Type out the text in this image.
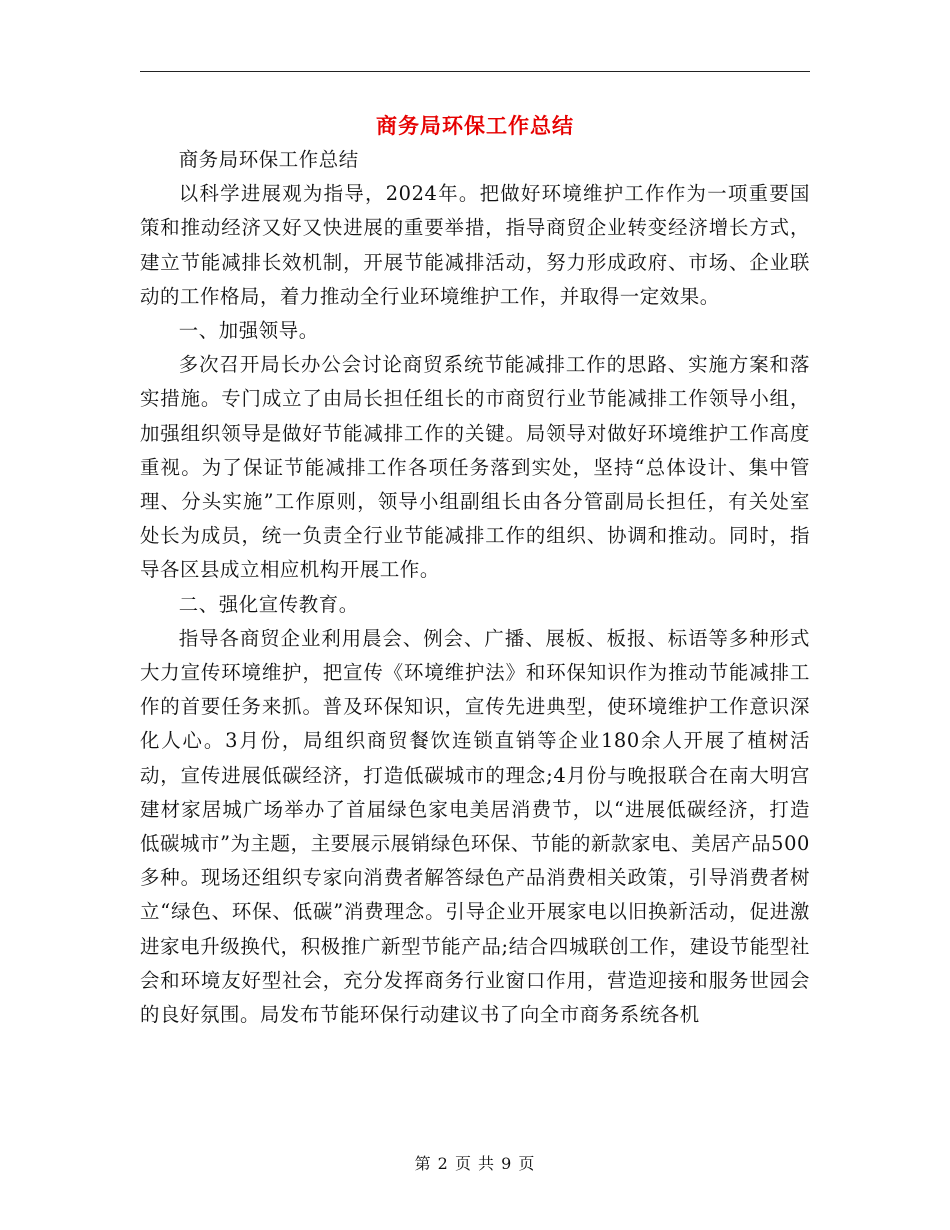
商务局环保工作总结

商务局环保工作总结

以科学进展观为指导，2024年。把做好环境维护工作作为一项重要国策和推动经济又好又快进展的重要举措，指导商贸企业转变经济增长方式，建立节能减排长效机制，开展节能减排活动，努力形成政府、市场、企业联动的工作格局，着力推动全行业环境维护工作，并取得一定效果。

一、加强领导。

多次召开局长办公会讨论商贸系统节能减排工作的思路、实施方案和落实措施。专门成立了由局长担任组长的市商贸行业节能减排工作领导小组，加强组织领导是做好节能减排工作的关键。局领导对做好环境维护工作高度重视。为了保证节能减排工作各项任务落到实处，坚持“总体设计、集中管理、分头实施”工作原则，领导小组副组长由各分管副局长担任，有关处室处长为成员，统一负责全行业节能减排工作的组织、协调和推动。同时，指导各区县成立相应机构开展工作。

二、强化宣传教育。

指导各商贸企业利用晨会、例会、广播、展板、板报、标语等多种形式大力宣传环境维护，把宣传《环境维护法》和环保知识作为推动节能减排工作的首要任务来抓。普及环保知识，宣传先进典型，使环境维护工作意识深化人心。3月份，局组织商贸餐饮连锁直销等企业180余人开展了植树活动，宣传进展低碳经济，打造低碳城市的理念;4月份与晚报联合在南大明宫建材家居城广场举办了首届绿色家电美居消费节，以“进展低碳经济，打造低碳城市”为主题，主要展示展销绿色环保、节能的新款家电、美居产品500多种。现场还组织专家向消费者解答绿色产品消费相关政策，引导消费者树立“绿色、环保、低碳”消费理念。引导企业开展家电以旧换新活动，促进激进家电升级换代，积极推广新型节能产品;结合四城联创工作，建设节能型社会和环境友好型社会，充分发挥商务行业窗口作用，营造迎接和服务世园会的良好氛围。局发布节能环保行动建议书了向全市商务系统各机

第 2 页 共 9 页
